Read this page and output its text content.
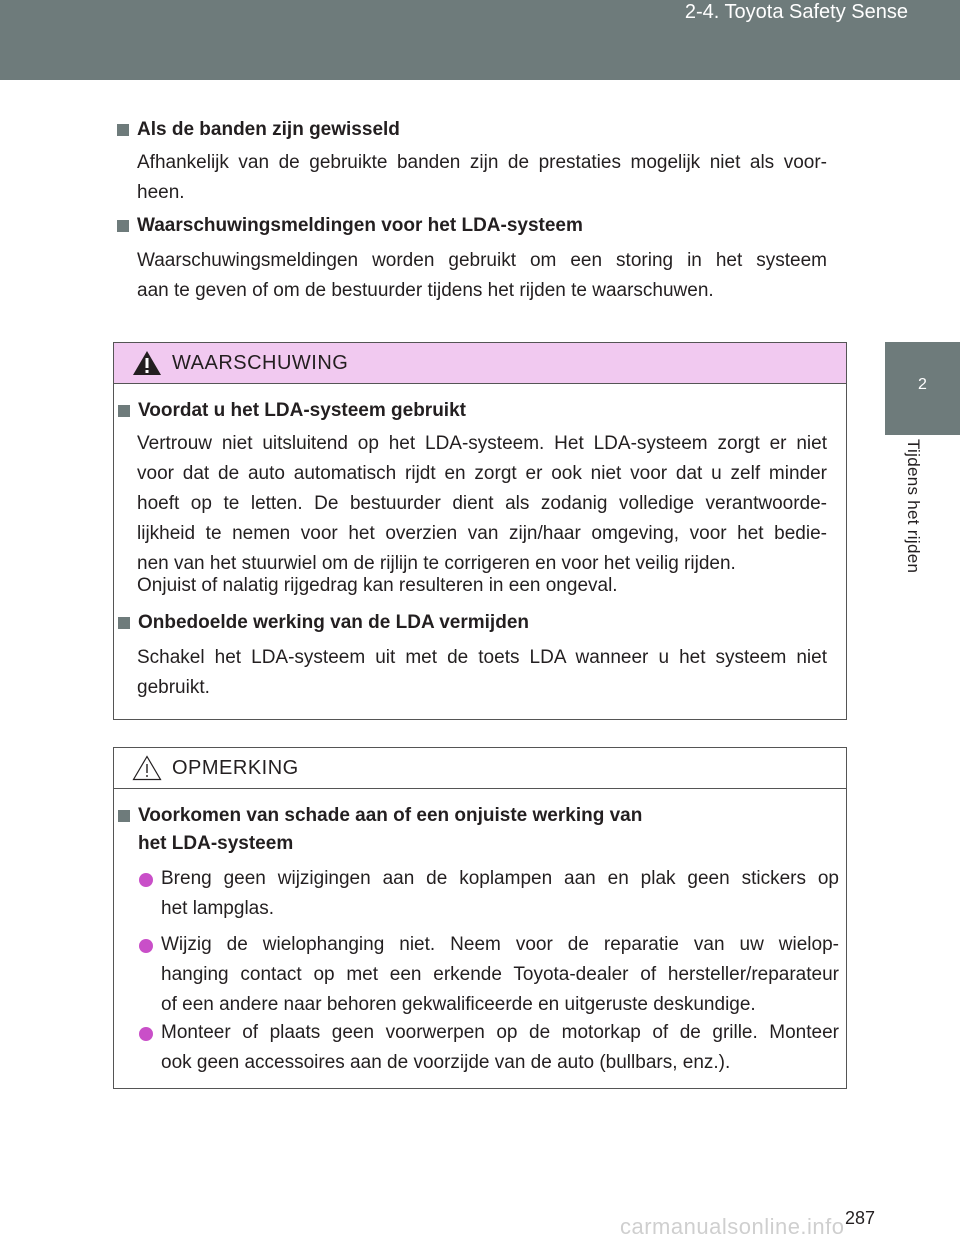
2-4. Toyota Safety Sense
2
Tijdens het rijden
Als de banden zijn gewisseld
Afhankelijk van de gebruikte banden zijn de prestaties mogelijk niet als voor-
heen.
Waarschuwingsmeldingen voor het LDA-systeem
Waarschuwingsmeldingen worden gebruikt om een storing in het systeem
aan te geven of om de bestuurder tijdens het rijden te waarschuwen.
WAARSCHUWING
Voordat u het LDA-systeem gebruikt
Vertrouw niet uitsluitend op het LDA-systeem. Het LDA-systeem zorgt er niet
voor dat de auto automatisch rijdt en zorgt er ook niet voor dat u zelf minder
hoeft op te letten. De bestuurder dient als zodanig volledige verantwoorde-
lijkheid te nemen voor het overzien van zijn/haar omgeving, voor het bedie-
nen van het stuurwiel om de rijlijn te corrigeren en voor het veilig rijden.
Onjuist of nalatig rijgedrag kan resulteren in een ongeval.
Onbedoelde werking van de LDA vermijden
Schakel het LDA-systeem uit met de toets LDA wanneer u het systeem niet
gebruikt.
OPMERKING
Voorkomen van schade aan of een onjuiste werking van
het LDA-systeem
Breng geen wijzigingen aan de koplampen aan en plak geen stickers op
het lampglas.
Wijzig de wielophanging niet. Neem voor de reparatie van uw wielop-
hanging contact op met een erkende Toyota-dealer of hersteller/reparateur
of een andere naar behoren gekwalificeerde en uitgeruste deskundige.
Monteer of plaats geen voorwerpen op de motorkap of de grille. Monteer
ook geen accessoires aan de voorzijde van de auto (bullbars, enz.).
carmanualsonline.info 287
